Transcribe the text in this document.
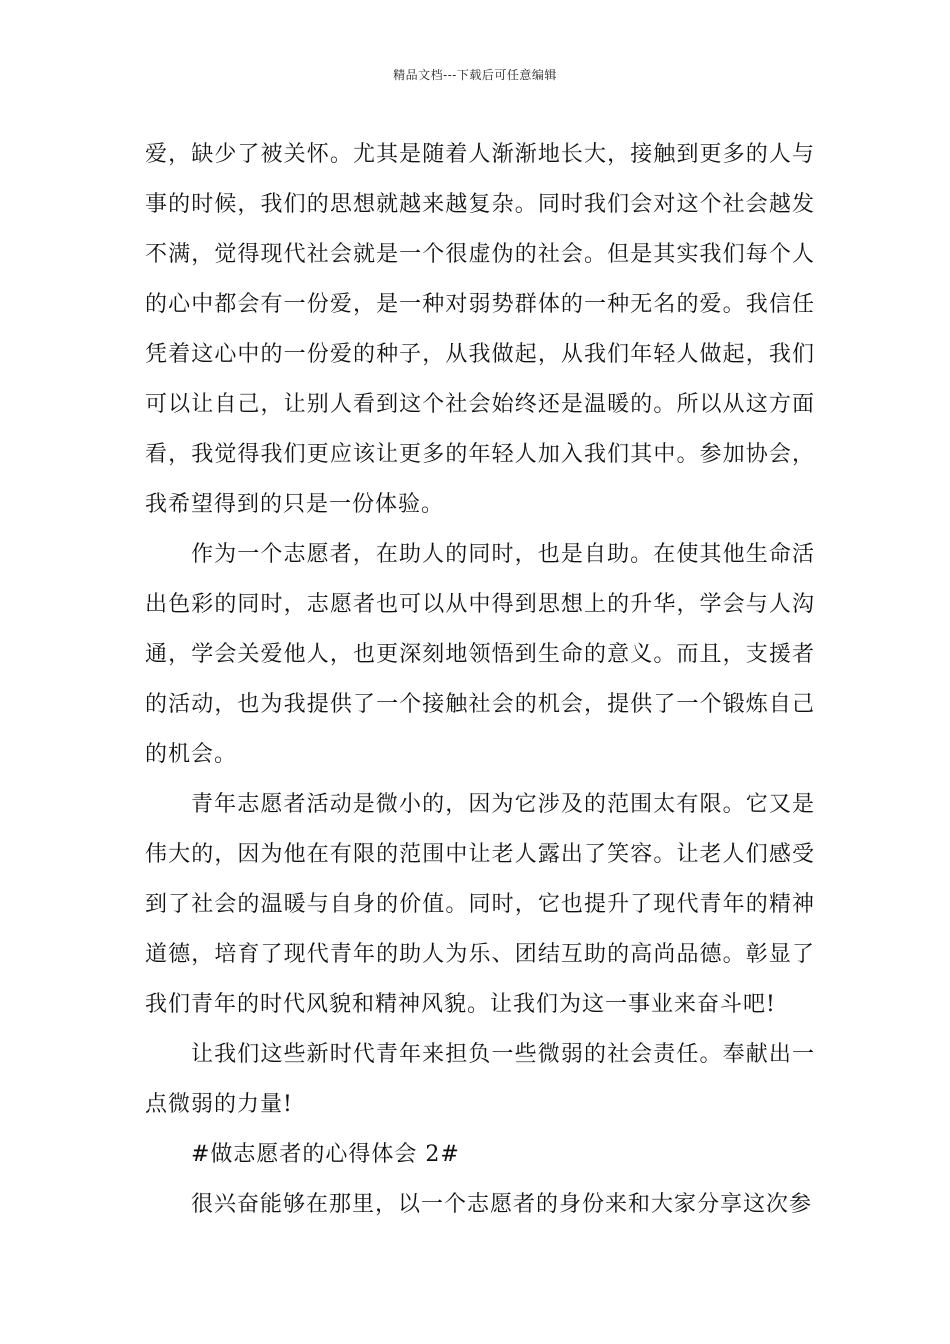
精品文档---下载后可任意编辑

爱，缺少了被关怀。尤其是随着人渐渐地长大，接触到更多的人与事的时候，我们的思想就越来越复杂。同时我们会对这个社会越发不满，觉得现代社会就是一个很虚伪的社会。但是其实我们每个人的心中都会有一份爱，是一种对弱势群体的一种无名的爱。我信任凭着这心中的一份爱的种子，从我做起，从我们年轻人做起，我们可以让自己，让别人看到这个社会始终还是温暖的。所以从这方面看，我觉得我们更应该让更多的年轻人加入我们其中。参加协会，我希望得到的只是一份体验。

作为一个志愿者，在助人的同时，也是自助。在使其他生命活出色彩的同时，志愿者也可以从中得到思想上的升华，学会与人沟通，学会关爱他人，也更深刻地领悟到生命的意义。而且，支援者的活动，也为我提供了一个接触社会的机会，提供了一个锻炼自己的机会。

青年志愿者活动是微小的，因为它涉及的范围太有限。它又是伟大的，因为他在有限的范围中让老人露出了笑容。让老人们感受到了社会的温暖与自身的价值。同时，它也提升了现代青年的精神道德，培育了现代青年的助人为乐、团结互助的高尚品德。彰显了我们青年的时代风貌和精神风貌。让我们为这一事业来奋斗吧!

让我们这些新时代青年来担负一些微弱的社会责任。奉献出一点微弱的力量!

#做志愿者的心得体会 2#

很兴奋能够在那里，以一个志愿者的身份来和大家分享这次参
